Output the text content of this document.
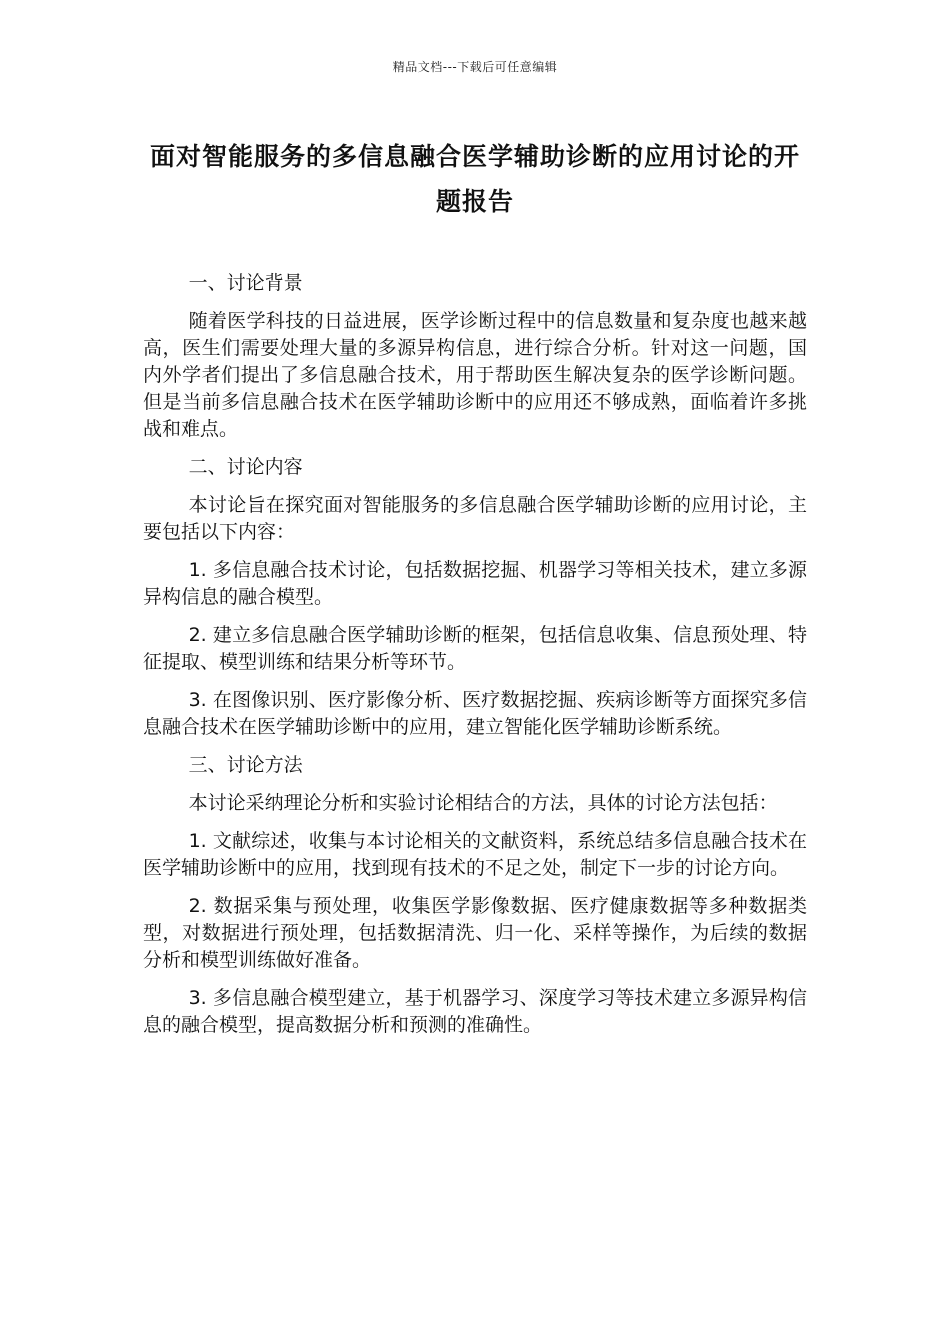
精品文档---下载后可任意编辑
面对智能服务的多信息融合医学辅助诊断的应用讨论的开题报告

一、讨论背景

随着医学科技的日益进展，医学诊断过程中的信息数量和复杂度也越来越高，医生们需要处理大量的多源异构信息，进行综合分析。针对这一问题，国内外学者们提出了多信息融合技术，用于帮助医生解决复杂的医学诊断问题。但是当前多信息融合技术在医学辅助诊断中的应用还不够成熟，面临着许多挑战和难点。

二、讨论内容

本讨论旨在探究面对智能服务的多信息融合医学辅助诊断的应用讨论，主要包括以下内容：

1. 多信息融合技术讨论，包括数据挖掘、机器学习等相关技术，建立多源异构信息的融合模型。

2. 建立多信息融合医学辅助诊断的框架，包括信息收集、信息预处理、特征提取、模型训练和结果分析等环节。

3. 在图像识别、医疗影像分析、医疗数据挖掘、疾病诊断等方面探究多信息融合技术在医学辅助诊断中的应用，建立智能化医学辅助诊断系统。

三、讨论方法

本讨论采纳理论分析和实验讨论相结合的方法，具体的讨论方法包括：

1. 文献综述，收集与本讨论相关的文献资料，系统总结多信息融合技术在医学辅助诊断中的应用，找到现有技术的不足之处，制定下一步的讨论方向。

2. 数据采集与预处理，收集医学影像数据、医疗健康数据等多种数据类型，对数据进行预处理，包括数据清洗、归一化、采样等操作，为后续的数据分析和模型训练做好准备。

3. 多信息融合模型建立，基于机器学习、深度学习等技术建立多源异构信息的融合模型，提高数据分析和预测的准确性。
